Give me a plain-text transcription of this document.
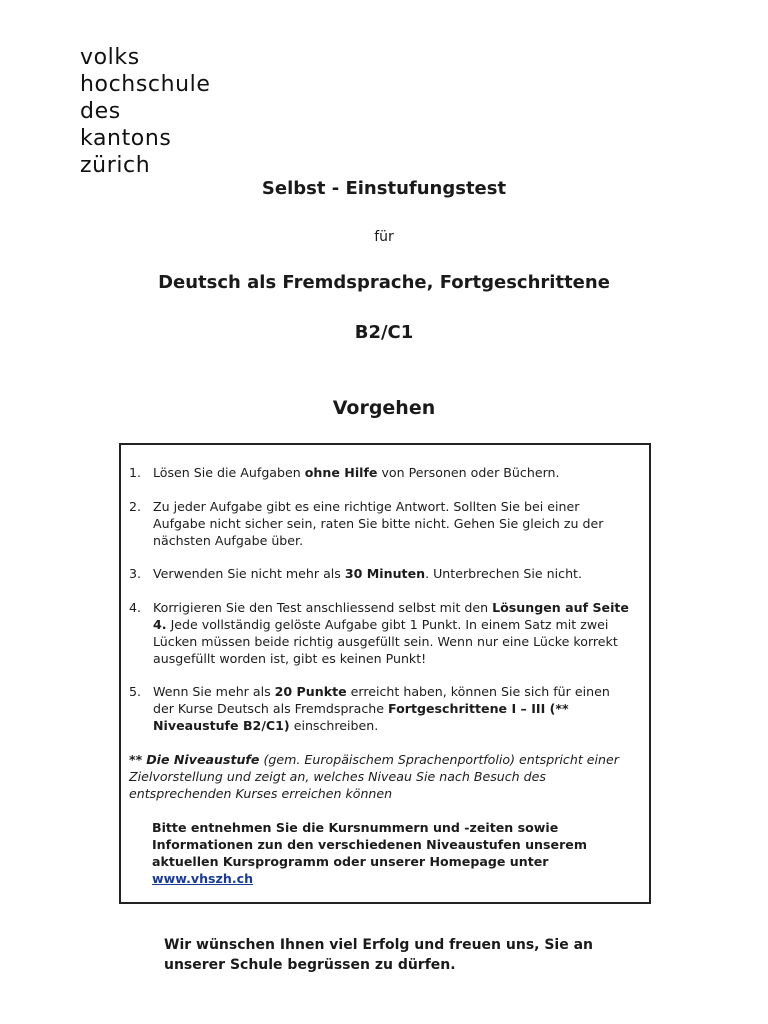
volks
hochschule
des
kantons
zürich
Selbst - Einstufungstest
für
Deutsch als Fremdsprache, Fortgeschrittene
B2/C1
Vorgehen
1. Lösen Sie die Aufgaben ohne Hilfe von Personen oder Büchern.
2. Zu jeder Aufgabe gibt es eine richtige Antwort. Sollten Sie bei einer Aufgabe nicht sicher sein, raten Sie bitte nicht. Gehen Sie gleich zu der nächsten Aufgabe über.
3. Verwenden Sie nicht mehr als 30 Minuten. Unterbrechen Sie nicht.
4. Korrigieren Sie den Test anschliessend selbst mit den Lösungen auf Seite 4. Jede vollständig gelöste Aufgabe gibt 1 Punkt. In einem Satz mit zwei Lücken müssen beide richtig ausgefüllt sein. Wenn nur eine Lücke korrekt ausgefüllt worden ist, gibt es keinen Punkt!
5. Wenn Sie mehr als 20 Punkte erreicht haben, können Sie sich für einen der Kurse Deutsch als Fremdsprache Fortgeschrittene I – III (** Niveaustufe B2/C1) einschreiben.
** Die Niveaustufe (gem. Europäischem Sprachenportfolio) entspricht einer Zielvorstellung und zeigt an, welches Niveau Sie nach Besuch des entsprechenden Kurses erreichen können
Bitte entnehmen Sie die Kursnummern und -zeiten sowie Informationen zun den verschiedenen Niveaustufen unserem aktuellen Kursprogramm oder unserer Homepage unter www.vhszh.ch
Wir wünschen Ihnen viel Erfolg und freuen uns, Sie an unserer Schule begrüssen zu dürfen.
